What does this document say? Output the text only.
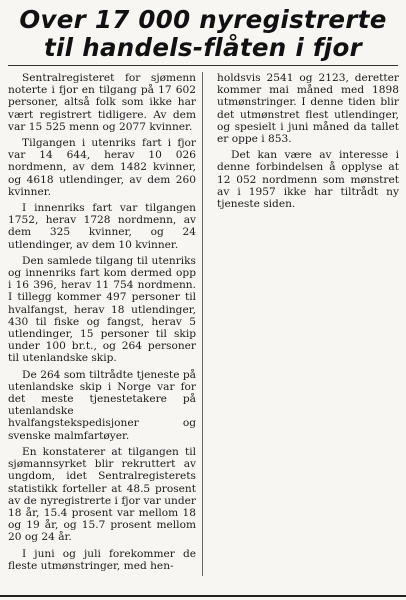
Over 17 000 nyregistrerte
til handels-flåten i fjor

Sentralregisteret for sjømenn noterte i fjor en tilgang på 17 602 personer, altså folk som ikke har vært registrert tidligere. Av dem var 15 525 menn og 2077 kvinner.

Tilgangen i utenriks fart i fjor var 14 644, herav 10 026 nordmenn, av dem 1482 kvinner, og 4618 utlendinger, av dem 260 kvinner.

I innenriks fart var tilgangen 1752, herav 1728 nordmenn, av dem 325 kvinner, og 24 utlendinger, av dem 10 kvinner.

Den samlede tilgang til utenriks og innenriks fart kom dermed opp i 16 396, herav 11 754 nordmenn. I tillegg kommer 497 personer til hvalfangst, herav 18 utlendinger, 430 til fiske og fangst, herav 5 utlendinger, 15 personer til skip under 100 br.t., og 264 personer til utenlandske skip.

De 264 som tiltrådte tjeneste på utenlandske skip i Norge var for det meste tjenestetakere på utenlandske hvalfangstekspedisjoner og svenske malmfartøyer.

En konstaterer at tilgangen til sjømannsyrket blir rekruttert av ungdom, idet Sentralregisterets statistikk forteller at 48.5 prosent av de nyregistrerte i fjor var under 18 år, 15.4 prosent var mellom 18 og 19 år, og 15.7 prosent mellom 20 og 24 år.

I juni og juli forekommer de fleste utmønstringer, med hen-

holdsvis 2541 og 2123, deretter kommer mai måned med 1898 utmønstringer. I denne tiden blir det utmønstret flest utlendinger, og spesielt i juni måned da tallet er oppe i 853.

Det kan være av interesse i denne forbindelsen å opplyse at 12 052 nordmenn som mønstret av i 1957 ikke har tiltrådt ny tjeneste siden.
